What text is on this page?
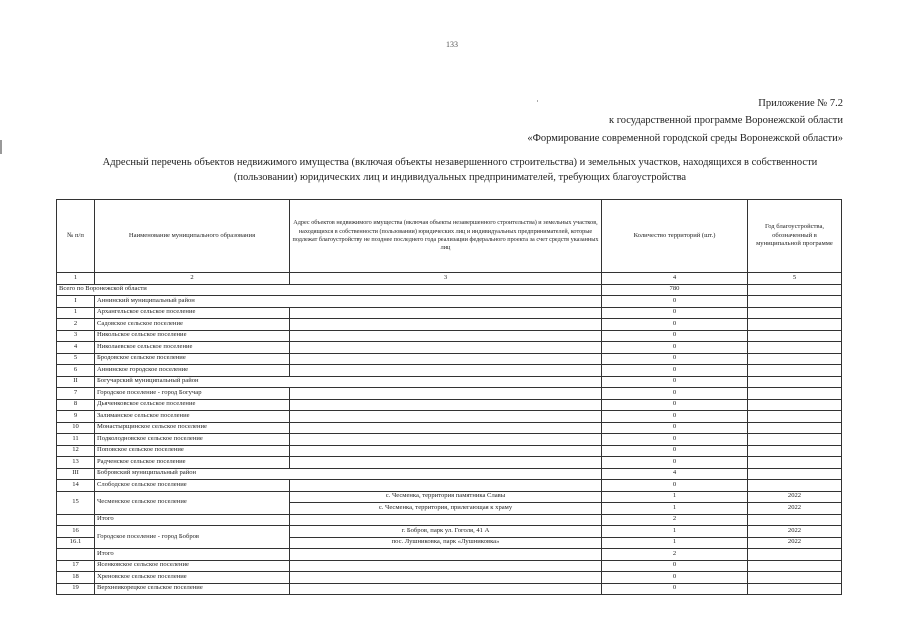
133
Приложение № 7.2
к государственной программе Воронежской области
«Формирование современной городской среды Воронежской области»
Адресный перечень объектов недвижимого имущества (включая объекты незавершенного строительства) и земельных участков, находящихся в собственности
(пользовании) юридических лиц и индивидуальных предпринимателей, требующих благоустройства
№ п/п	Наименование муниципального образования	Адрес объектов недвижимого имущества (включая объекты незавершенного строительства) и земельных участков, находящихся в собственности (пользовании) юридических лиц и индивидуальных предпринимателей, которые подлежат благоустройству не позднее последнего года реализации федерального проекта за счет средств указанных лиц	Количество территорий (шт.)	Год благоустройства, обозначенный в муниципальной программе
1	2	3	4	5
Всего по Воронежской области			780	
I	Аннинский муниципальный район		0	
1	Архангельское сельское поселение		0	
2	Садовское сельское поселение		0	
3	Никольское сельское поселение		0	
4	Николаевское сельское поселение		0	
5	Бродовское сельское поселение		0	
6	Аннинское городское поселение		0	
II	Богучарский муниципальный район		0	
7	Городское поселение - город Богучар		0	
8	Дьяченковское сельское поселение		0	
9	Залиманское сельское поселение		0	
10	Монастырщинское сельское поселение		0	
11	Подколодновское сельское поселение		0	
12	Поповское сельское поселение		0	
13	Радченское сельское поселение		0	
III	Бобровский муниципальный район		4	
14	Слободское сельское поселение		0	
15	Чесменское сельское поселение	с. Чесменка, территория памятника Славы	1	2022
		с. Чесменка, территория, прилегающая к храму	1	2022
	Итого		2	
16	Городское поселение - город Бобров	г. Бобров, парк ул. Гоголя, 41 А	1	2022
16.1		пос. Лушниковка, парк «Лушниковка»	1	2022
	Итого		2	
17	Ясенковское сельское поселение		0	
18	Хреновское сельское поселение		0	
19	Верхнеикорецкое сельское поселение		0	
